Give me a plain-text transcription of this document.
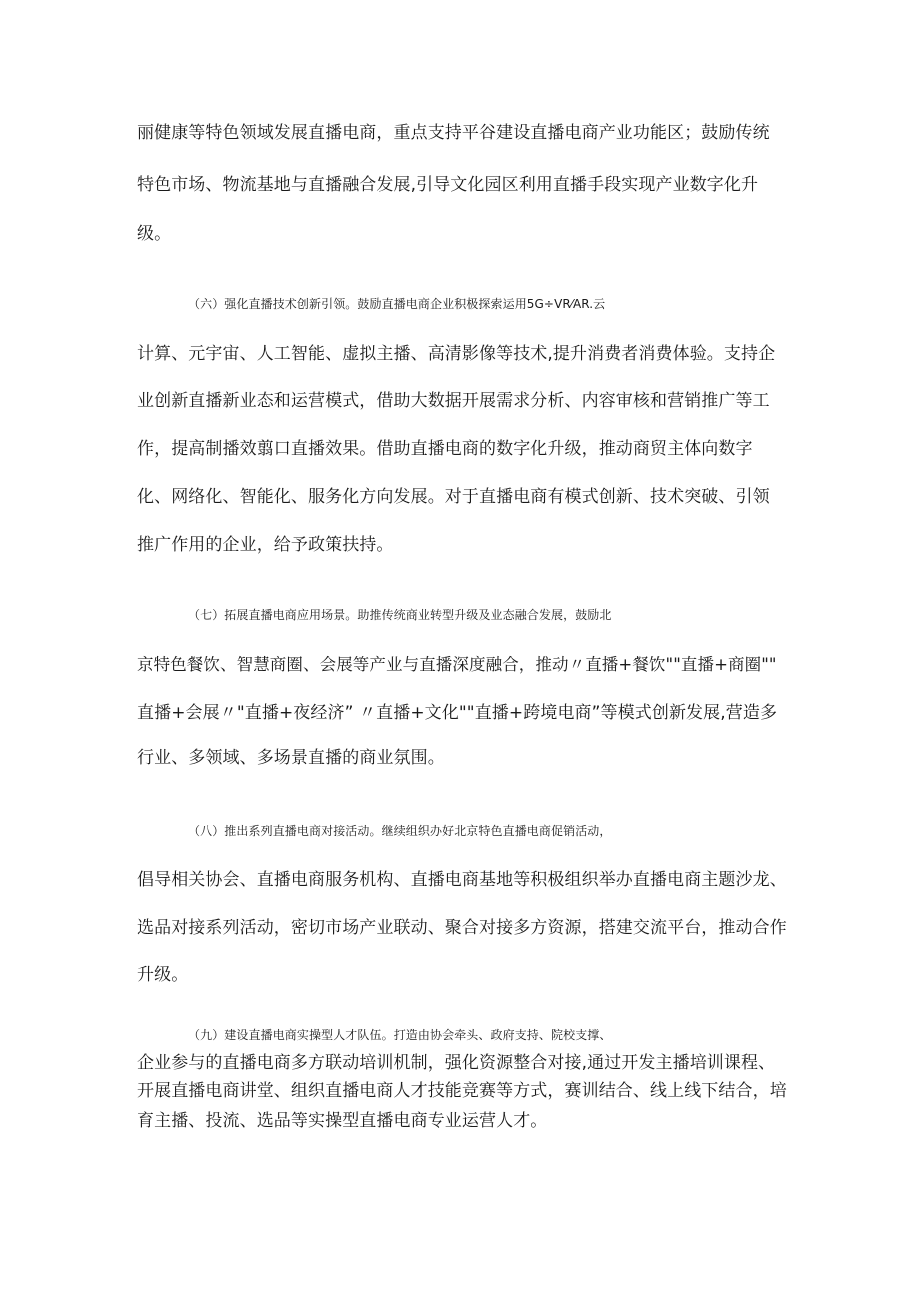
丽健康等特色领域发展直播电商，重点支持平谷建设直播电商产业功能区；鼓励传统
特色市场、物流基地与直播融合发展,引导文化园区利用直播手段实现产业数字化升
级。
（六）强化直播技术创新引领。鼓励直播电商企业积极探索运用5G÷VR⁄AR.云
计算、元宇宙、人工智能、虚拟主播、高清影像等技术,提升消费者消费体验。支持企
业创新直播新业态和运营模式，借助大数据开展需求分析、内容审核和营销推广等工
作，提高制播效翦口直播效果。借助直播电商的数字化升级，推动商贸主体向数字
化、网络化、智能化、服务化方向发展。对于直播电商有模式创新、技术突破、引领
推广作用的企业，给予政策扶持。
（七）拓展直播电商应用场景。助推传统商业转型升级及业态融合发展，鼓励北
京特色餐饮、智慧商圈、会展等产业与直播深度融合，推动〃直播+餐饮""直播+商圈""
直播+会展〃"直播+夜经济” 〃直播+文化""直播+跨境电商”等模式创新发展,营造多
行业、多领域、多场景直播的商业氛围。
（八）推出系列直播电商对接活动。继续组织办好北京特色直播电商促销活动，
倡导相关协会、直播电商服务机构、直播电商基地等积极组织举办直播电商主题沙龙、
选品对接系列活动，密切市场产业联动、聚合对接多方资源，搭建交流平台，推动合作
升级。
（九）建设直播电商实操型人才队伍。打造由协会牵头、政府支持、院校支撑、
企业参与的直播电商多方联动培训机制，强化资源整合对接,通过开发主播培训课程、
开展直播电商讲堂、组织直播电商人才技能竞赛等方式，赛训结合、线上线下结合，培
育主播、投流、选品等实操型直播电商专业运营人才。
